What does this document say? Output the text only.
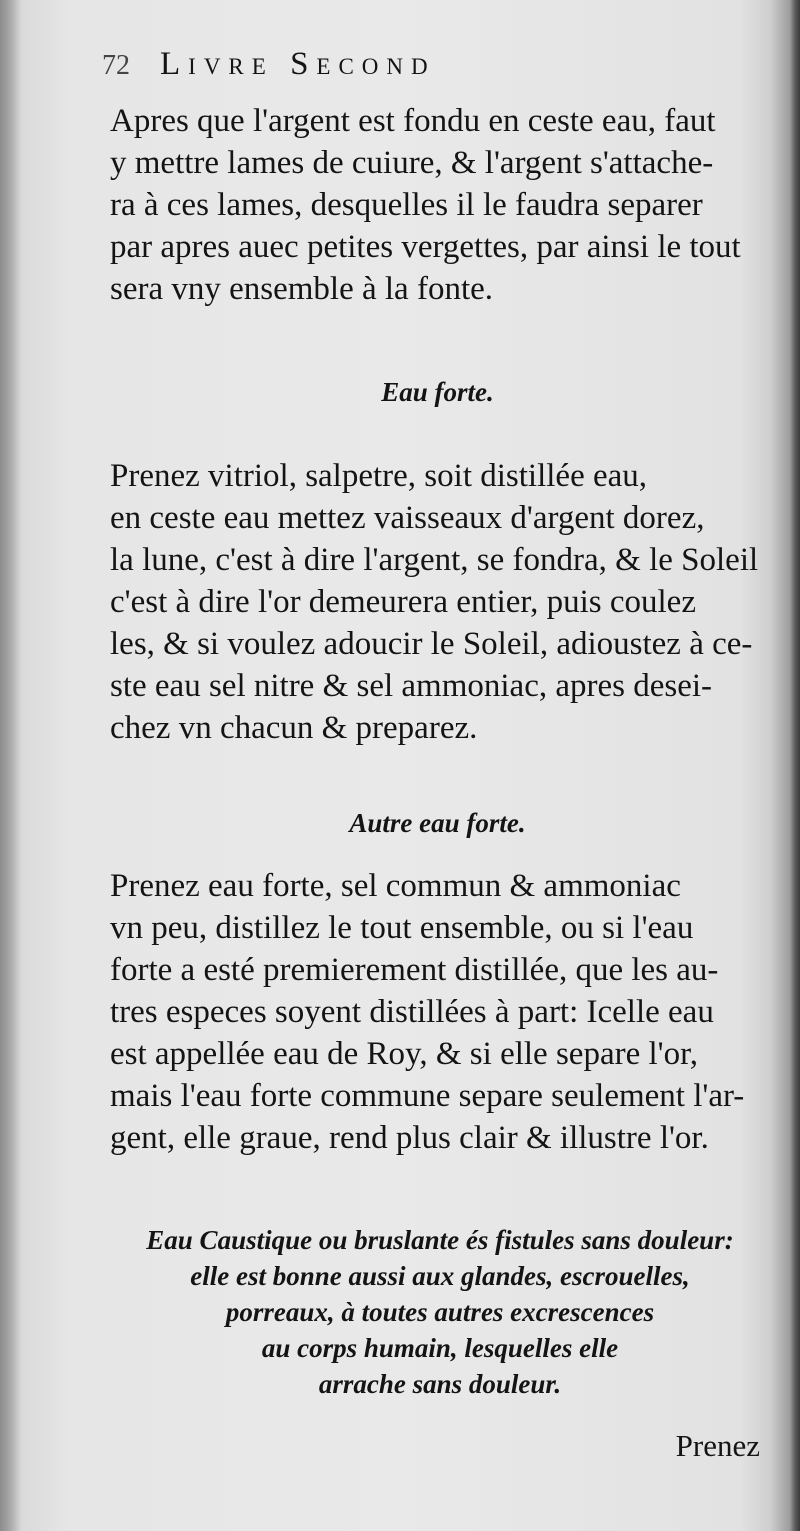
72 Livre Second
Apres que l'argent est fondu en ceste eau, faut
y mettre lames de cuiure, & l'argent s'attache-
ra à ces lames, desquelles il le faudra separer
par apres auec petites vergettes, par ainsi le tout
sera vny ensemble à la fonte.
Eau forte.
Prenez vitriol, salpetre, soit distillée eau,
en ceste eau mettez vaisseaux d'argent dorez,
la lune, c'est à dire l'argent, se fondra, & le Soleil
c'est à dire l'or demeurera entier, puis coulez
les, & si voulez adoucir le Soleil, adioustez à ce-
ste eau sel nitre & sel ammoniac, apres desei-
chez vn chacun & preparez.
Autre eau forte.
Prenez eau forte, sel commun & ammoniac
vn peu, distillez le tout ensemble, ou si l'eau
forte a esté premierement distillée, que les au-
tres especes soyent distillées à part: Icelle eau
est appellée eau de Roy, & si elle separe l'or,
mais l'eau forte commune separe seulement l'ar-
gent, elle graue, rend plus clair & illustre l'or.
Eau Caustique ou bruslante és fistules sans douleur:
elle est bonne aussi aux glandes, escrouelles,
porreaux, à toutes autres excrescences
au corps humain, lesquelles elle
arrache sans douleur.
Prenez
